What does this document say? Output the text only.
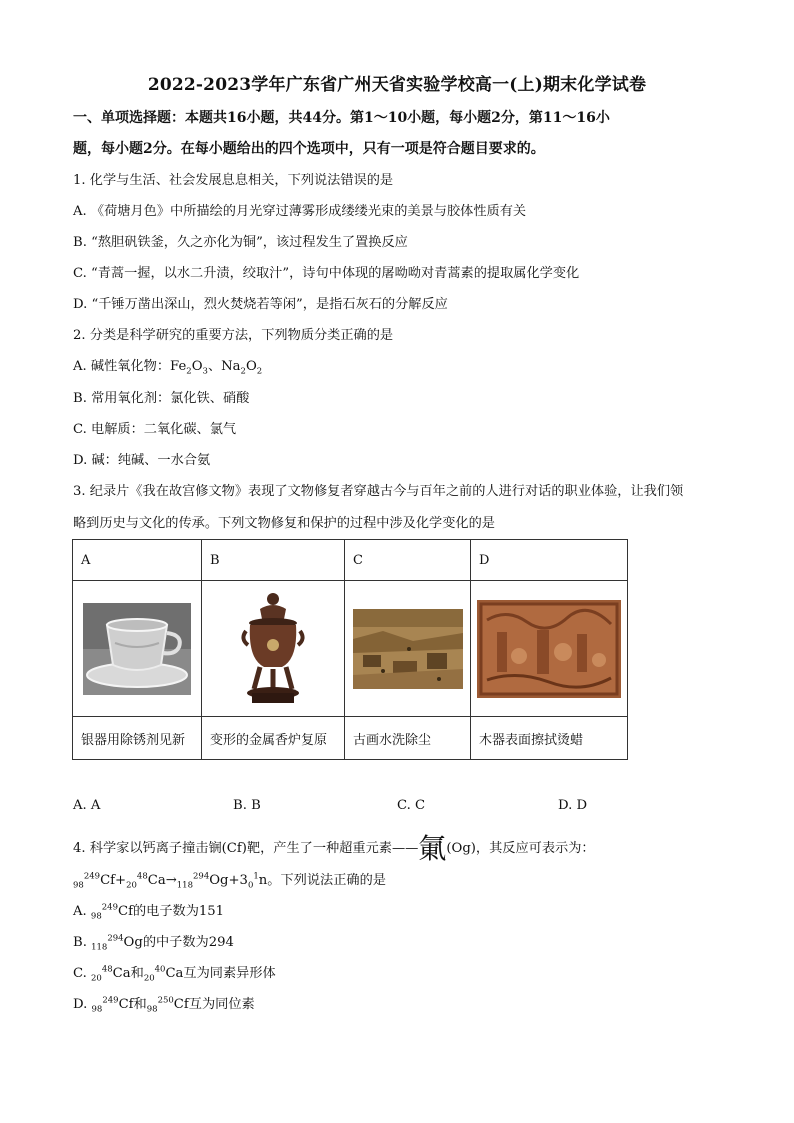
2022-2023学年广东省广州天省实验学校高一(上)期末化学试卷
一、单项选择题：本题共16小题，共44分。第1～10小题，每小题2分，第11～16小
题，每小题2分。在每小题给出的四个选项中，只有一项是符合题目要求的。
1. 化学与生活、社会发展息息相关，下列说法错误的是
A. 《荷塘月色》中所描绘的月光穿过薄雾形成缕缕光束的美景与胶体性质有关
B. “熬胆矾铁釜，久之亦化为铜”，该过程发生了置换反应
C. “青蒿一握，以水二升渍，绞取汁”，诗句中体现的屠呦呦对青蒿素的提取属化学变化
D. “千锤万凿出深山，烈火焚烧若等闲”，是指石灰石的分解反应
2. 分类是科学研究的重要方法，下列物质分类正确的是
A. 碱性氧化物：$Fe_2O_3$、$Na_2O_2$
B. 常用氧化剂：氯化铁、硝酸
C. 电解质：二氧化碳、氯气
D. 碱：纯碱、一水合氨
3. 纪录片《我在故宫修文物》表现了文物修复者穿越古今与百年之前的人进行对话的职业体验，让我们领
略到历史与文化的传承。下列文物修复和保护的过程中涉及化学变化的是
A	B	C	D

银器用除锈剂见新	变形的金属香炉复原	古画水洗除尘	木器表面擦拭烫蜡
A. A	B. B	C. C	D. D
4. 科学家以钙离子撞击锎(Cf)靶，产生了一种超重元素——氭(Og)，其反应可表示为：
$_{98}^{249}Cf+_{20}^{48}Ca\to_{118}^{294}Og+3_0^1n$。下列说法正确的是
A. $_{98}^{249}$Cf的电子数为151
B. $_{118}^{294}$Og的中子数为294
C. $_{20}^{48}$Ca和$_{20}^{40}$Ca互为同素异形体
D. $_{98}^{249}$Cf和$_{98}^{250}$Cf互为同位素
